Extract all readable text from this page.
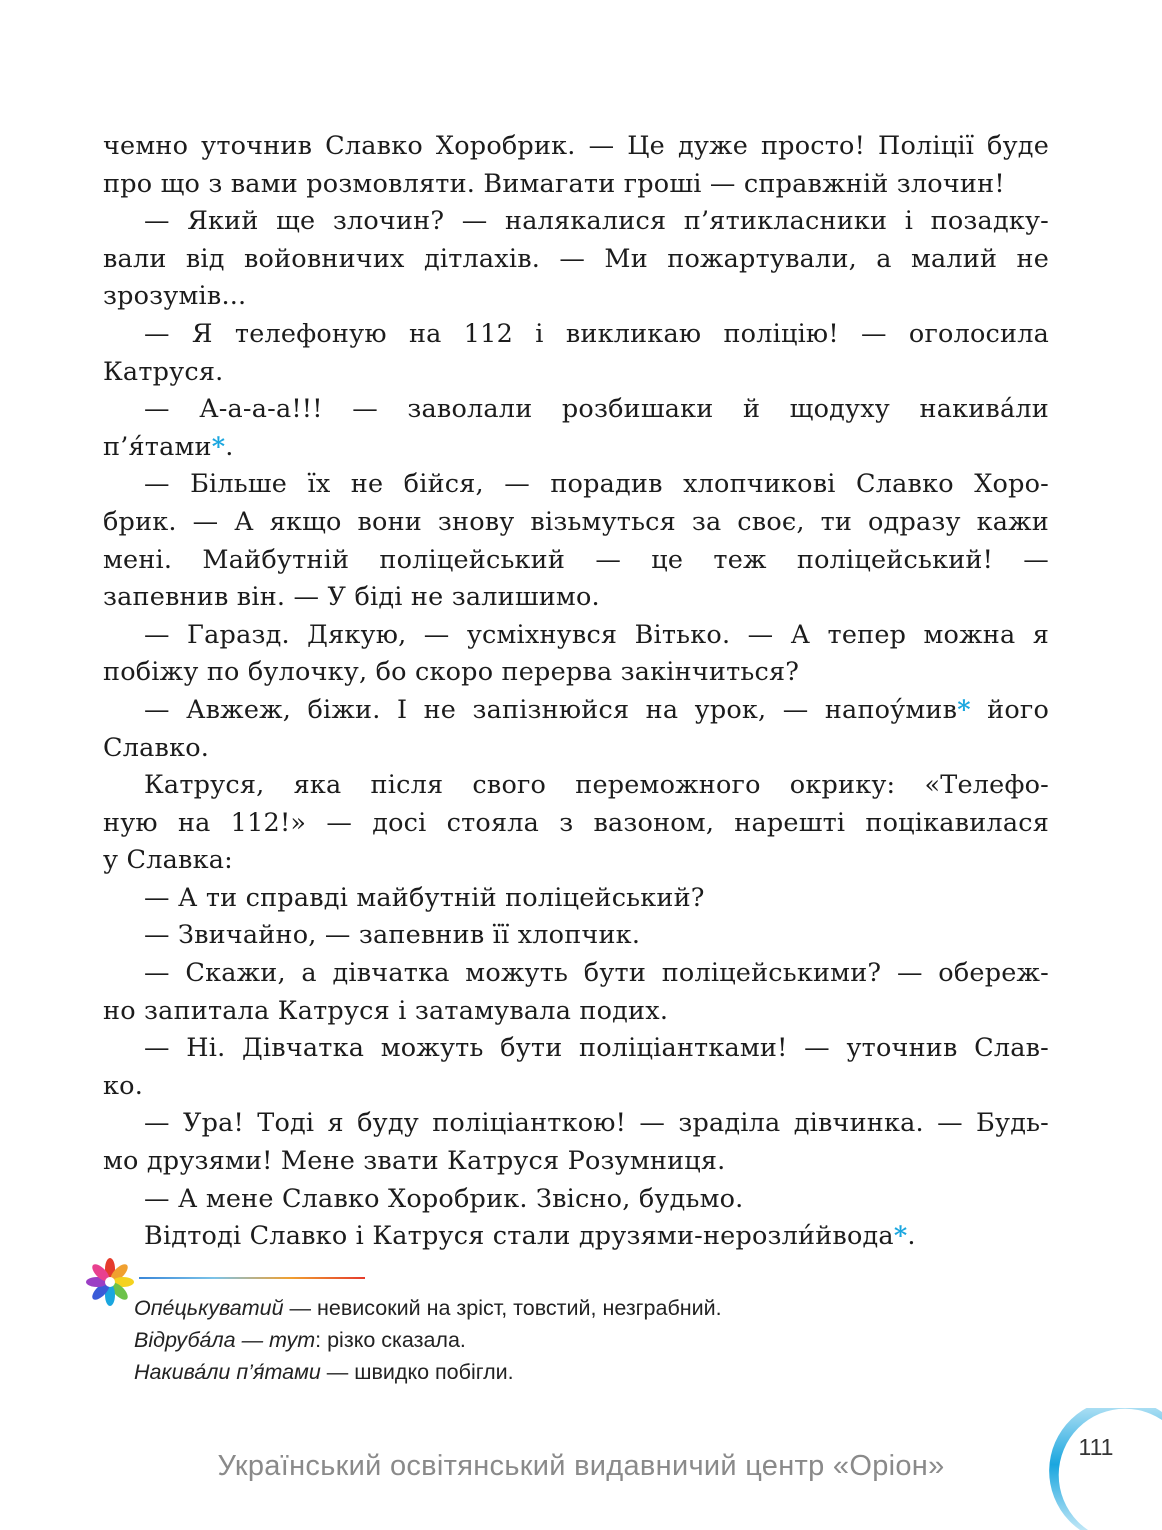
чемно уточнив Славко Хоробрик. — Це дуже просто! Поліції буде
про що з вами розмовляти. Вимагати гроші — справжній злочин!
— Який ще злочин? — налякалися п’ятикласники і позадку-
вали від войовничих дітлахів. — Ми пожартували, а малий не
зрозумів...
— Я телефоную на 112 і викликаю поліцію! — оголосила
Катруся.
— А-а-а-а!!! — заволали розбишаки й щодуху накива́ли
п’я́тами*.
— Більше їх не бійся, — порадив хлопчикові Славко Хоро-
брик. — А якщо вони знову візьмуться за своє, ти одразу кажи
мені. Майбутній поліцейський — це теж поліцейський! —
запевнив він. — У біді не залишимо.
— Гаразд. Дякую, — усміхнувся Вітько. — А тепер можна я
побіжу по булочку, бо скоро перерва закінчиться?
— Авжеж, біжи. І не запізнюйся на урок, — напоу́мив* його
Славко.
Катруся, яка після свого переможного окрику: «Телефо-
ную на 112!» — досі стояла з вазоном, нарешті поцікавилася
у Славка:
— А ти справді майбутній поліцейський?
— Звичайно, — запевнив її хлопчик.
— Скажи, а дівчатка можуть бути поліцейськими? — обереж-
но запитала Катруся і затамувала подих.
— Ні. Дівчатка можуть бути поліціантками! — уточнив Слав-
ко.
— Ура! Тоді я буду поліціанткою! — зраділа дівчинка. — Будь-
мо друзями! Мене звати Катруся Розумниця.
— А мене Славко Хоробрик. Звісно, будьмо.
Відтоді Славко і Катруся стали друзями-нерозли́йвода*.
Опе́цькуватий — невисокий на зріст, товстий, незграбний.
Відруба́ла — тут: різко сказала.
Накива́ли п’я́тами — швидко побігли.
Український освітянський видавничий центр «Оріон»
111
